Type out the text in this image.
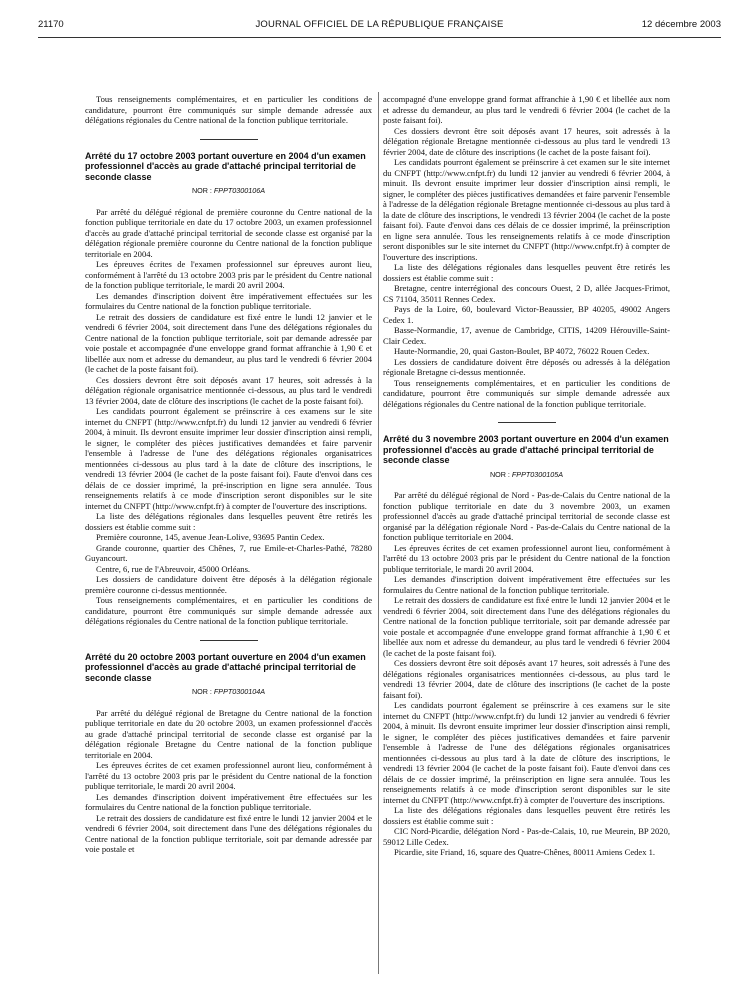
21170	JOURNAL OFFICIEL DE LA RÉPUBLIQUE FRANÇAISE	12 décembre 2003

Tous renseignements complémentaires, et en particulier les conditions de candidature, pourront être communiqués sur simple demande adressée aux délégations régionales du Centre national de la fonction publique territoriale.

Arrêté du 17 octobre 2003 portant ouverture en 2004 d'un examen professionnel d'accès au grade d'attaché principal territorial de seconde classe
NOR : FPPT0300106A

Par arrêté du délégué régional de première couronne du Centre national de la fonction publique territoriale en date du 17 octobre 2003, un examen professionnel d'accès au grade d'attaché principal territorial de seconde classe est organisé par la délégation régionale première couronne du Centre national de la fonction publique territoriale en 2004.

Les épreuves écrites de l'examen professionnel sur épreuves auront lieu, conformément à l'arrêté du 13 octobre 2003 pris par le président du Centre national de la fonction publique territoriale, le mardi 20 avril 2004.

Les demandes d'inscription doivent être impérativement effectuées sur les formulaires du Centre national de la fonction publique territoriale.

Le retrait des dossiers de candidature est fixé entre le lundi 12 janvier et le vendredi 6 février 2004, soit directement dans l'une des délégations régionales du Centre national de la fonction publique territoriale, soit par demande adressée par voie postale et accompagnée d'une enveloppe grand format affranchie à 1,90 € et libellée aux nom et adresse du demandeur, au plus tard le vendredi 6 février 2004 (le cachet de la poste faisant foi).

Ces dossiers devront être soit déposés avant 17 heures, soit adressés à la délégation régionale organisatrice mentionnée ci-dessous, au plus tard le vendredi 13 février 2004, date de clôture des inscriptions (le cachet de la poste faisant foi).

Les candidats pourront également se préinscrire à ces examens sur le site internet du CNFPT (http://www.cnfpt.fr) du lundi 12 janvier au vendredi 6 février 2004, à minuit. Ils devront ensuite imprimer leur dossier d'inscription ainsi rempli, le signer, le compléter des pièces justificatives demandées et faire parvenir l'ensemble à l'adresse de l'une des délégations régionales organisatrices mentionnées ci-dessous au plus tard à la date de clôture des inscriptions, le vendredi 13 février 2004 (le cachet de la poste faisant foi). Faute d'envoi dans ces délais de ce dossier imprimé, la pré-inscription en ligne sera annulée. Tous renseignements relatifs à ce mode d'inscription seront disponibles sur le site internet du CNFPT (http://www.cnfpt.fr) à compter de l'ouverture des inscriptions.

La liste des délégations régionales dans lesquelles peuvent être retirés les dossiers est établie comme suit :

Première couronne, 145, avenue Jean-Lolive, 93695 Pantin Cedex.

Grande couronne, quartier des Chênes, 7, rue Emile-et-Charles-Pathé, 78280 Guyancourt.

Centre, 6, rue de l'Abreuvoir, 45000 Orléans.

Les dossiers de candidature doivent être déposés à la délégation régionale première couronne ci-dessus mentionnée.

Tous renseignements complémentaires, et en particulier les conditions de candidature, pourront être communiqués sur simple demande adressée aux délégations régionales du Centre national de la fonction publique territoriale.

Arrêté du 20 octobre 2003 portant ouverture en 2004 d'un examen professionnel d'accès au grade d'attaché principal territorial de seconde classe
NOR : FPPT0300104A

Par arrêté du délégué régional de Bretagne du Centre national de la fonction publique territoriale en date du 20 octobre 2003, un examen professionnel d'accès au grade d'attaché principal territorial de seconde classe est organisé par la délégation régionale Bretagne du Centre national de la fonction publique territoriale en 2004.

Les épreuves écrites de cet examen professionnel auront lieu, conformément à l'arrêté du 13 octobre 2003 pris par le président du Centre national de la fonction publique territoriale, le mardi 20 avril 2004.

Les demandes d'inscription doivent impérativement être effectuées sur les formulaires du Centre national de la fonction publique territoriale.

Le retrait des dossiers de candidature est fixé entre le lundi 12 janvier 2004 et le vendredi 6 février 2004, soit directement dans l'une des délégations régionales du Centre national de la fonction publique territoriale, soit par demande adressée par voie postale et

accompagné d'une enveloppe grand format affranchie à 1,90 € et libellée aux nom et adresse du demandeur, au plus tard le vendredi 6 février 2004 (le cachet de la poste faisant foi).

Ces dossiers devront être soit déposés avant 17 heures, soit adressés à la délégation régionale Bretagne mentionnée ci-dessous au plus tard le vendredi 13 février 2004, date de clôture des inscriptions (le cachet de la poste faisant foi).

Les candidats pourront également se préinscrire à cet examen sur le site internet du CNFPT (http://www.cnfpt.fr) du lundi 12 janvier au vendredi 6 février 2004, à minuit. Ils devront ensuite imprimer leur dossier d'inscription ainsi rempli, le signer, le compléter des pièces justificatives demandées et faire parvenir l'ensemble à l'adresse de la délégation régionale Bretagne mentionnée ci-dessous au plus tard à la date de clôture des inscriptions, le vendredi 13 février 2004 (le cachet de la poste faisant foi). Faute d'envoi dans ces délais de ce dossier imprimé, la préinscription en ligne sera annulée. Tous les renseignements relatifs à ce mode d'inscription seront disponibles sur le site internet du CNFPT (http://www.cnfpt.fr) à compter de l'ouverture des inscriptions.

La liste des délégations régionales dans lesquelles peuvent être retirés les dossiers est établie comme suit :

Bretagne, centre interrégional des concours Ouest, 2 D, allée Jacques-Frimot, CS 71104, 35011 Rennes Cedex.

Pays de la Loire, 60, boulevard Victor-Beaussier, BP 40205, 49002 Angers Cedex 1.

Basse-Normandie, 17, avenue de Cambridge, CITIS, 14209 Hérouville-Saint-Clair Cedex.

Haute-Normandie, 20, quai Gaston-Boulet, BP 4072, 76022 Rouen Cedex.

Les dossiers de candidature doivent être déposés ou adressés à la délégation régionale Bretagne ci-dessus mentionnée.

Tous renseignements complémentaires, et en particulier les conditions de candidature, pourront être communiqués sur simple demande adressée aux délégations régionales du Centre national de la fonction publique territoriale.

Arrêté du 3 novembre 2003 portant ouverture en 2004 d'un examen professionnel d'accès au grade d'attaché principal territorial de seconde classe
NOR : FPPT0300105A

Par arrêté du délégué régional de Nord - Pas-de-Calais du Centre national de la fonction publique territoriale en date du 3 novembre 2003, un examen professionnel d'accès au grade d'attaché principal territorial de seconde classe est organisé par la délégation régionale Nord - Pas-de-Calais du Centre national de la fonction publique territoriale en 2004.

Les épreuves écrites de cet examen professionnel auront lieu, conformément à l'arrêté du 13 octobre 2003 pris par le président du Centre national de la fonction publique territoriale, le mardi 20 avril 2004.

Les demandes d'inscription doivent impérativement être effectuées sur les formulaires du Centre national de la fonction publique territoriale.

Le retrait des dossiers de candidature est fixé entre le lundi 12 janvier 2004 et le vendredi 6 février 2004, soit directement dans l'une des délégations régionales du Centre national de la fonction publique territoriale, soit par demande adressée par voie postale et accompagnée d'une enveloppe grand format affranchie à 1,90 € et libellée aux nom et adresse du demandeur, au plus tard le vendredi 6 février 2004 (le cachet de la poste faisant foi).

Ces dossiers devront être soit déposés avant 17 heures, soit adressés à l'une des délégations régionales organisatrices mentionnées ci-dessous, au plus tard le vendredi 13 février 2004, date de clôture des inscriptions (le cachet de la poste faisant foi).

Les candidats pourront également se préinscrire à ces examens sur le site internet du CNFPT (http://www.cnfpt.fr) du lundi 12 janvier au vendredi 6 février 2004, à minuit. Ils devront ensuite imprimer leur dossier d'inscription ainsi rempli, le signer, le compléter des pièces justificatives demandées et faire parvenir l'ensemble à l'adresse de l'une des délégations régionales organisatrices mentionnées ci-dessous au plus tard à la date de clôture des inscriptions, le vendredi 13 février 2004 (le cachet de la poste faisant foi). Faute d'envoi dans ces délais de ce dossier imprimé, la préinscription en ligne sera annulée. Tous les renseignements relatifs à ce mode d'inscription seront disponibles sur le site internet du CNFPT (http://www.cnfpt.fr) à compter de l'ouverture des inscriptions.

La liste des délégations régionales dans lesquelles peuvent être retirés les dossiers est établie comme suit :

CIC Nord-Picardie, délégation Nord - Pas-de-Calais, 10, rue Meurein, BP 2020, 59012 Lille Cedex.

Picardie, site Friand, 16, square des Quatre-Chênes, 80011 Amiens Cedex 1.
